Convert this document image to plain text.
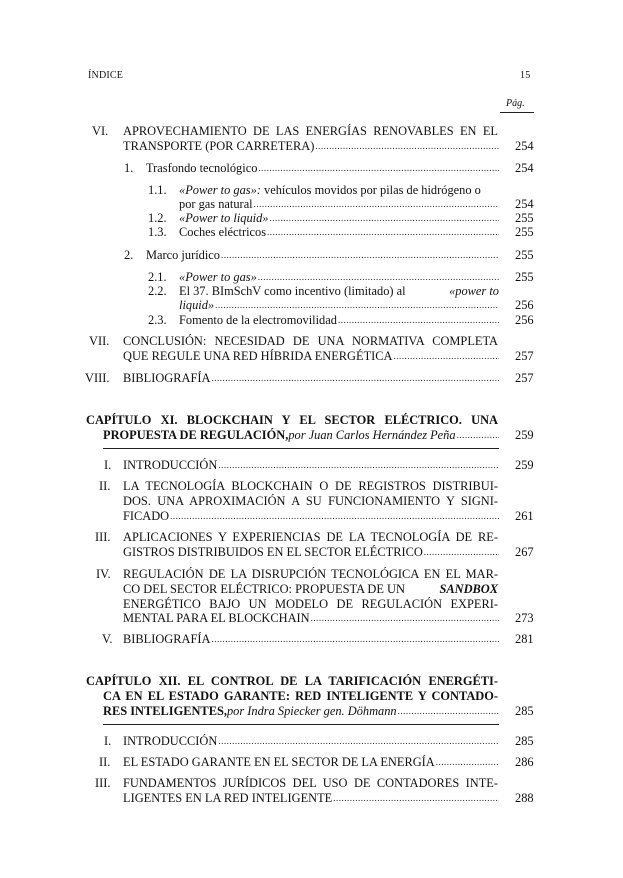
ÍNDICE	15
Pág.
VI. APROVECHAMIENTO DE LAS ENERGÍAS RENOVABLES EN EL
TRANSPORTE (POR CARRETERA) .....	254
1. Trasfondo tecnológico .....	254
1.1. «Power to gas»: vehículos movidos por pilas de hidrógeno o
por gas natural .....	254
1.2. «Power to liquid» .....	255
1.3. Coches eléctricos .....	255
2. Marco jurídico .....	255
2.1. «Power to gas» .....	255
2.2. El 37. BImSchV como incentivo (limitado) al	«power to
liquid» .....	256
2.3. Fomento de la electromovilidad .....	256
VII. CONCLUSIÓN: NECESIDAD DE UNA NORMATIVA COMPLETA
QUE REGULE UNA RED HÍBRIDA ENERGÉTICA .....	257
VIII. BIBLIOGRAFÍA .....	257
CAPÍTULO XI. BLOCKCHAIN Y EL SECTOR ELÉCTRICO. UNA
PROPUESTA DE REGULACIÓN, por Juan Carlos Hernández Peña .....	259
I. INTRODUCCIÓN .....	259
II. LA TECNOLOGÍA BLOCKCHAIN O DE REGISTROS DISTRIBUI-
DOS. UNA APROXIMACIÓN A SU FUNCIONAMIENTO Y SIGNI-
FICADO .....	261
III. APLICACIONES Y EXPERIENCIAS DE LA TECNOLOGÍA DE RE-
GISTROS DISTRIBUIDOS EN EL SECTOR ELÉCTRICO .....	267
IV. REGULACIÓN DE LA DISRUPCIÓN TECNOLÓGICA EN EL MAR-
CO DEL SECTOR ELÉCTRICO: PROPUESTA DE UN	SANDBOX
ENERGÉTICO BAJO UN MODELO DE REGULACIÓN EXPERI-
MENTAL PARA EL BLOCKCHAIN .....	273
V. BIBLIOGRAFÍA .....	281
CAPÍTULO XII. EL CONTROL DE LA TARIFICACIÓN ENERGÉTI-
CA EN EL ESTADO GARANTE: RED INTELIGENTE Y CONTADO-
RES INTELIGENTES, por Indra Spiecker gen. Döhmann .....	285
I. INTRODUCCIÓN .....	285
II. EL ESTADO GARANTE EN EL SECTOR DE LA ENERGÍA .....	286
III. FUNDAMENTOS JURÍDICOS DEL USO DE CONTADORES INTE-
LIGENTES EN LA RED INTELIGENTE .....	288
